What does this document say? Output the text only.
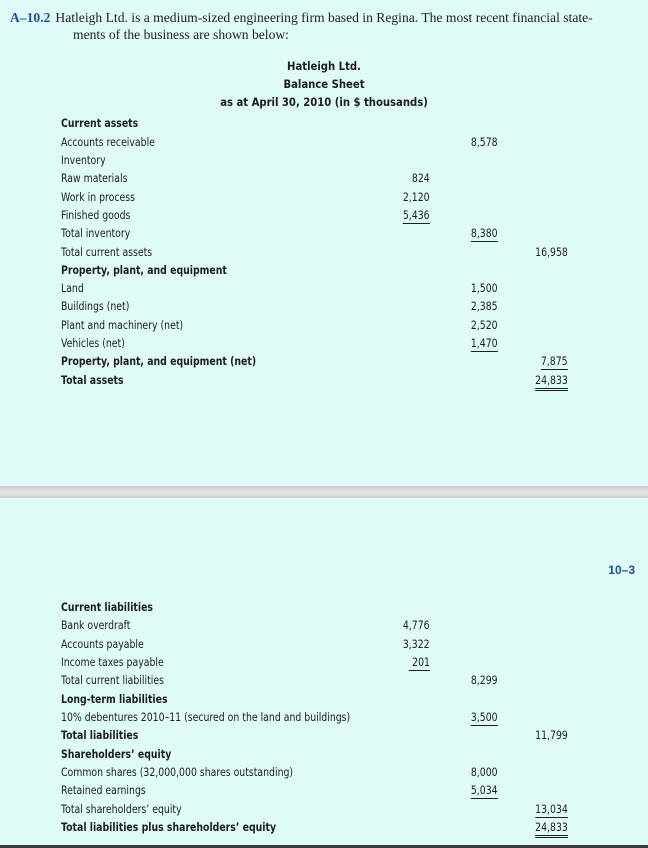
A–10.2 Hatleigh Ltd. is a medium-sized engineering firm based in Regina. The most recent financial state-
ments of the business are shown below:
Hatleigh Ltd.
Balance Sheet
as at April 30, 2010 (in $ thousands)
Current assets
Accounts receivable	8,578
Inventory
Raw materials	824
Work in process	2,120
Finished goods	5,436
Total inventory	8,380
Total current assets	16,958
Property, plant, and equipment
Land	1,500
Buildings (net)	2,385
Plant and machinery (net)	2,520
Vehicles (net)	1,470
Property, plant, and equipment (net)	7,875
Total assets	24,833
10–3
Current liabilities
Bank overdraft	4,776
Accounts payable	3,322
Income taxes payable	201
Total current liabilities	8,299
Long-term liabilities
10% debentures 2010–11 (secured on the land and buildings)	3,500
Total liabilities	11,799
Shareholders’ equity
Common shares (32,000,000 shares outstanding)	8,000
Retained earnings	5,034
Total shareholders’ equity	13,034
Total liabilities plus shareholders’ equity	24,833
